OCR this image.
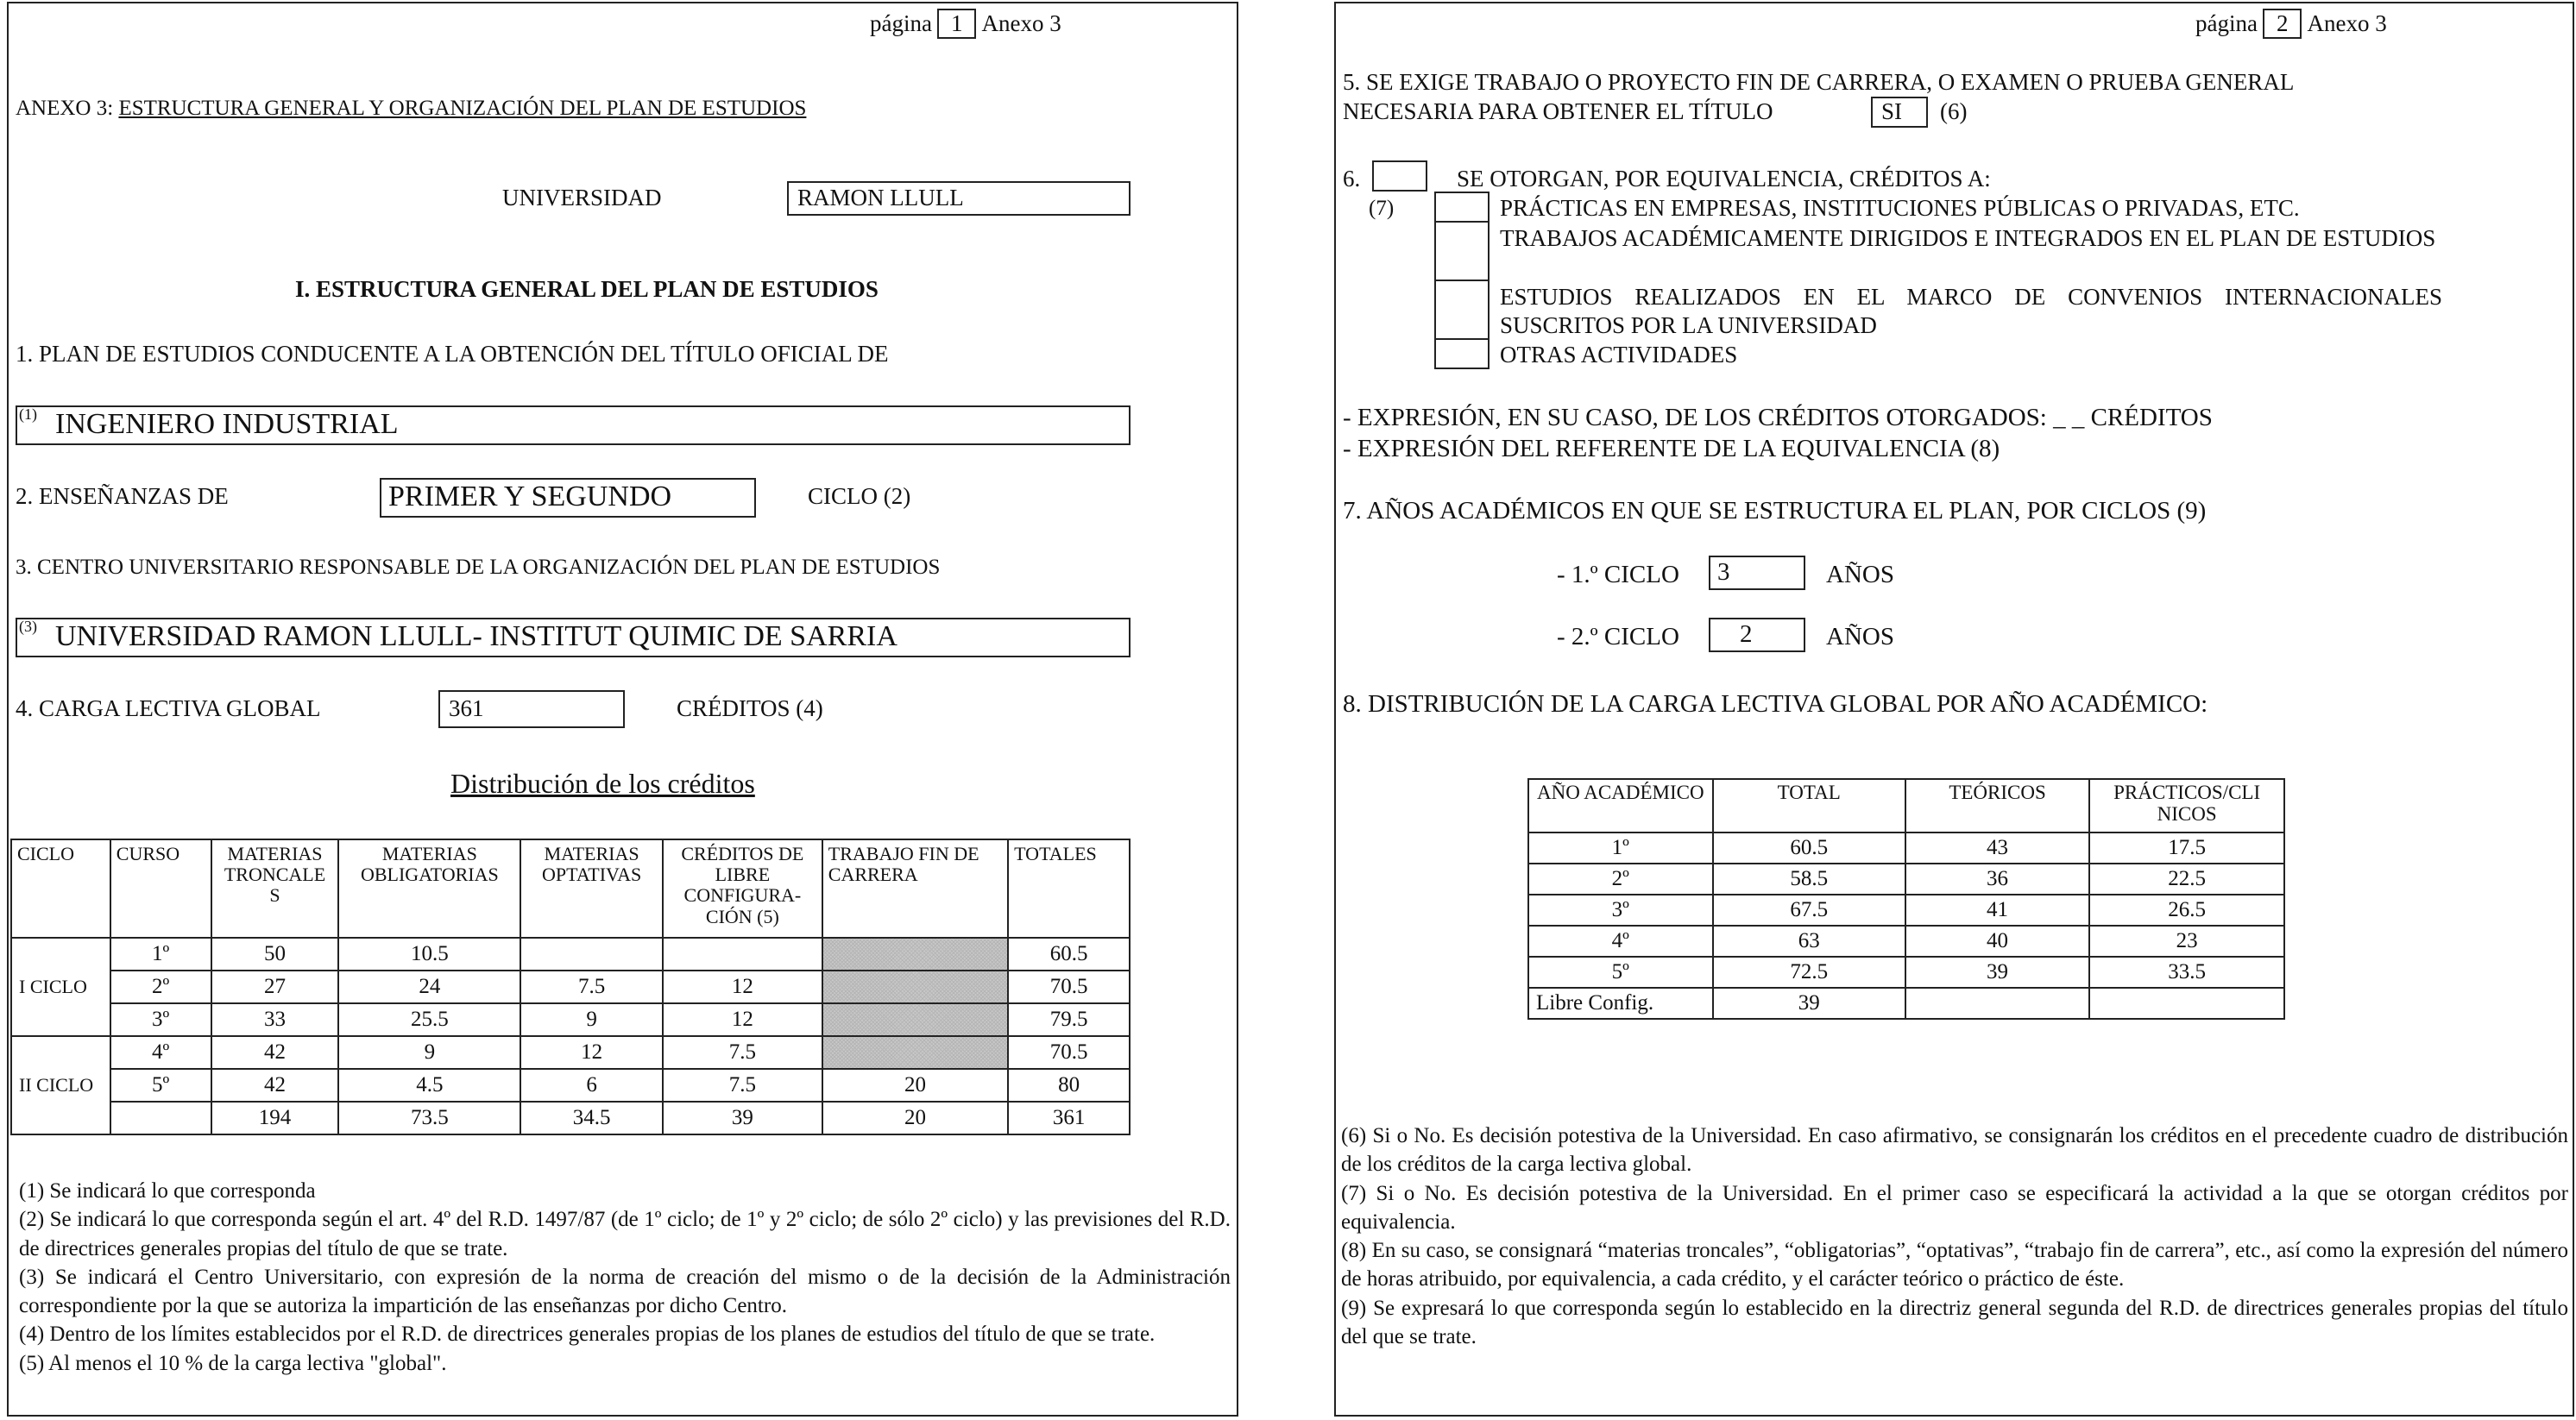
página 1 Anexo 3
ANEXO 3: ESTRUCTURA GENERAL Y ORGANIZACIÓN DEL PLAN DE ESTUDIOS
UNIVERSIDAD	RAMON LLULL
I. ESTRUCTURA GENERAL DEL PLAN DE ESTUDIOS
1. PLAN DE ESTUDIOS CONDUCENTE A LA OBTENCIÓN DEL TÍTULO OFICIAL DE
(1) INGENIERO INDUSTRIAL
2. ENSEÑANZAS DE	PRIMER Y SEGUNDO	CICLO (2)
3. CENTRO UNIVERSITARIO RESPONSABLE DE LA ORGANIZACIÓN DEL PLAN DE ESTUDIOS
(3) UNIVERSIDAD RAMON LLULL- INSTITUT QUIMIC DE SARRIA
4. CARGA LECTIVA GLOBAL	361	CRÉDITOS (4)
Distribución de los créditos
CICLO	CURSO	MATERIAS TRONCALE S	MATERIAS OBLIGATORIAS	MATERIAS OPTATIVAS	CRÉDITOS DE LIBRE CONFIGURA- CIÓN (5)	TRABAJO FIN DE CARRERA	TOTALES
I CICLO	1º	50	10.5				60.5
	2º	27	24	7.5	12		70.5
	3º	33	25.5	9	12		79.5
II CICLO	4º	42	9	12	7.5		70.5
	5º	42	4.5	6	7.5	20	80
		194	73.5	34.5	39	20	361
(1) Se indicará lo que corresponda
(2) Se indicará lo que corresponda según el art. 4º del R.D. 1497/87 (de 1º ciclo; de 1º y 2º ciclo; de sólo 2º ciclo) y las previsiones del R.D. de directrices generales propias del título de que se trate.
(3) Se indicará el Centro Universitario, con expresión de la norma de creación del mismo o de la decisión de la Administración correspondiente por la que se autoriza la impartición de las enseñanzas por dicho Centro.
(4) Dentro de los límites establecidos por el R.D. de directrices generales propias de los planes de estudios del título de que se trate.
(5) Al menos el 10 % de la carga lectiva "global".
página 2 Anexo 3
5. SE EXIGE TRABAJO O PROYECTO FIN DE CARRERA, O EXAMEN O PRUEBA GENERAL
NECESARIA PARA OBTENER EL TÍTULO	SI	(6)
6.	SE OTORGAN, POR EQUIVALENCIA, CRÉDITOS A:
(7)	PRÁCTICAS EN EMPRESAS, INSTITUCIONES PÚBLICAS O PRIVADAS, ETC.
TRABAJOS ACADÉMICAMENTE DIRIGIDOS E INTEGRADOS EN EL PLAN DE ESTUDIOS
ESTUDIOS REALIZADOS EN EL MARCO DE CONVENIOS INTERNACIONALES SUSCRITOS POR LA UNIVERSIDAD
OTRAS ACTIVIDADES
- EXPRESIÓN, EN SU CASO, DE LOS CRÉDITOS OTORGADOS: _ _ CRÉDITOS
- EXPRESIÓN DEL REFERENTE DE LA EQUIVALENCIA (8)
7. AÑOS ACADÉMICOS EN QUE SE ESTRUCTURA EL PLAN, POR CICLOS (9)
- 1.º CICLO	3	AÑOS
- 2.º CICLO	2	AÑOS
8. DISTRIBUCIÓN DE LA CARGA LECTIVA GLOBAL POR AÑO ACADÉMICO:
AÑO ACADÉMICO	TOTAL	TEÓRICOS	PRÁCTICOS/CLI NICOS
1º	60.5	43	17.5
2º	58.5	36	22.5
3º	67.5	41	26.5
4º	63	40	23
5º	72.5	39	33.5
Libre Config.	39		
(6) Si o No. Es decisión potestiva de la Universidad. En caso afirmativo, se consignarán los créditos en el precedente cuadro de distribución de los créditos de la carga lectiva global.
(7) Si o No. Es decisión potestiva de la Universidad. En el primer caso se especificará la actividad a la que se otorgan créditos por equivalencia.
(8) En su caso, se consignará “materias troncales”, “obligatorias”, “optativas”, “trabajo fin de carrera”, etc., así como la expresión del número de horas atribuido, por equivalencia, a cada crédito, y el carácter teórico o práctico de éste.
(9) Se expresará lo que corresponda según lo establecido en la directriz general segunda del R.D. de directrices generales propias del título del que se trate.
